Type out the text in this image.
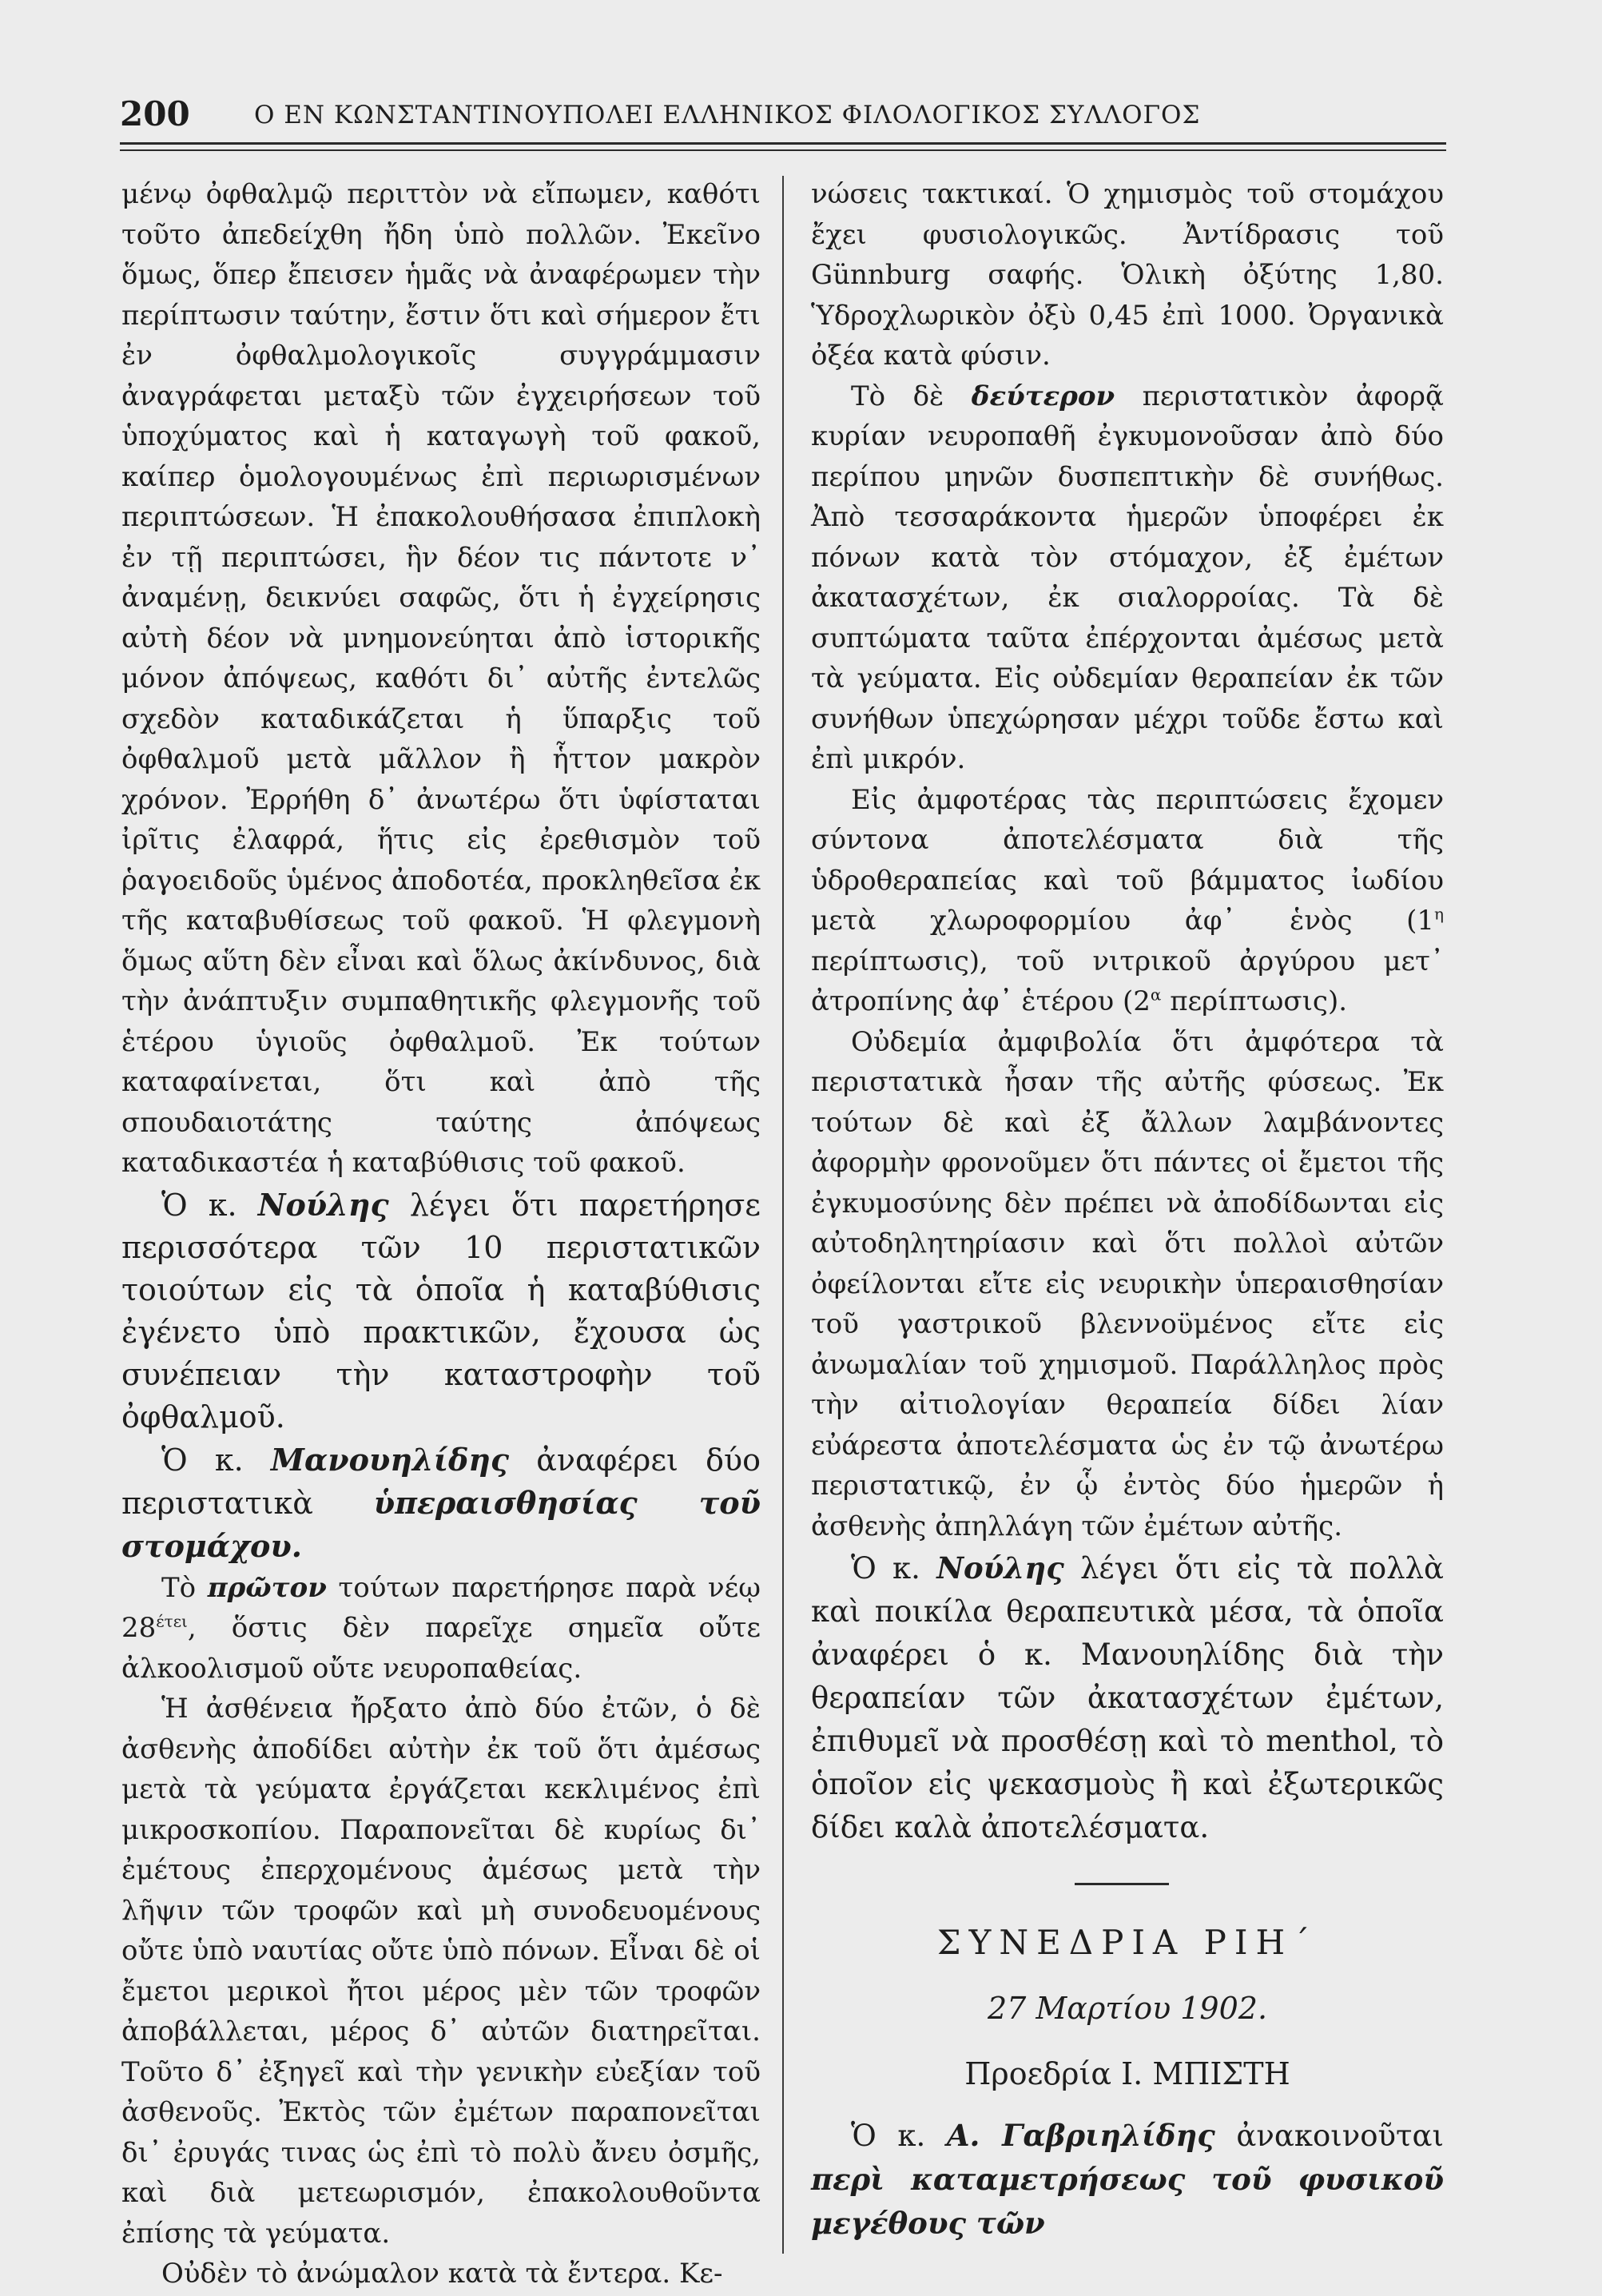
200	Ο ΕΝ ΚΩΝΣΤΑΝΤΙΝΟΥΠΟΛΕΙ ΕΛΛΗΝΙΚΟΣ ΦΙΛΟΛΟΓΙΚΟΣ ΣΥΛΛΟΓΟΣ

μένῳ ὀφθαλμῷ περιττὸν νὰ εἴπωμεν, καθότι τοῦτο ἀπεδείχθη ἤδη ὑπὸ πολλῶν. Ἐκεῖνο ὅμως, ὅπερ ἔπεισεν ἡμᾶς νὰ ἀναφέρωμεν τὴν περίπτωσιν ταύτην, ἔστιν ὅτι καὶ σήμερον ἔτι ἐν ὀφθαλμολογικοῖς συγγράμμασιν ἀναγράφεται μεταξὺ τῶν ἐγχειρήσεων τοῦ ὑποχύματος καὶ ἡ καταγωγὴ τοῦ φακοῦ, καίπερ ὁμολογουμένως ἐπὶ περιωρισμένων περιπτώσεων. Ἡ ἐπακολουθήσασα ἐπιπλοκὴ ἐν τῇ περιπτώσει, ἣν δέον τις πάντοτε ν᾽ ἀναμένῃ, δεικνύει σαφῶς, ὅτι ἡ ἐγχείρησις αὐτὴ δέον νὰ μνημονεύηται ἀπὸ ἱστορικῆς μόνον ἀπόψεως, καθότι δι᾽ αὐτῆς ἐντελῶς σχεδὸν καταδικάζεται ἡ ὕπαρξις τοῦ ὀφθαλμοῦ μετὰ μᾶλλον ἢ ἧττον μακρὸν χρόνον. Ἐρρήθη δ᾽ ἀνωτέρω ὅτι ὑφίσταται ἰρῖτις ἐλαφρά, ἥτις εἰς ἐρεθισμὸν τοῦ ῥαγοειδοῦς ὑμένος ἀποδοτέα, προκληθεῖσα ἐκ τῆς καταβυθίσεως τοῦ φακοῦ. Ἡ φλεγμονὴ ὅμως αὕτη δὲν εἶναι καὶ ὅλως ἀκίνδυνος, διὰ τὴν ἀνάπτυξιν συμπαθητικῆς φλεγμονῆς τοῦ ἑτέρου ὑγιοῦς ὀφθαλμοῦ. Ἐκ τούτων καταφαίνεται, ὅτι καὶ ἀπὸ τῆς σπουδαιοτάτης ταύτης ἀπόψεως καταδικαστέα ἡ καταβύθισις τοῦ φακοῦ.

Ὁ κ. Νούλης λέγει ὅτι παρετήρησε περισσότερα τῶν 10 περιστατικῶν τοιούτων εἰς τὰ ὁποῖα ἡ καταβύθισις ἐγένετο ὑπὸ πρακτικῶν, ἔχουσα ὡς συνέπειαν τὴν καταστροφὴν τοῦ ὀφθαλμοῦ.

Ὁ κ. Μανουηλίδης ἀναφέρει δύο περιστατικὰ ὑπεραισθησίας τοῦ στομάχου.

Τὸ πρῶτον τούτων παρετήρησε παρὰ νέῳ $28^{έ\tau\varepsilon\iota}$, ὅστις δὲν παρεῖχε σημεῖα οὔτε ἀλκοολισμοῦ οὔτε νευροπαθείας.

Ἡ ἀσθένεια ἤρξατο ἀπὸ δύο ἐτῶν, ὁ δὲ ἀσθενὴς ἀποδίδει αὐτὴν ἐκ τοῦ ὅτι ἀμέσως μετὰ τὰ γεύματα ἐργάζεται κεκλιμένος ἐπὶ μικροσκοπίου. Παραπονεῖται δὲ κυρίως δι᾽ ἐμέτους ἐπερχομένους ἀμέσως μετὰ τὴν λῆψιν τῶν τροφῶν καὶ μὴ συνοδευομένους οὔτε ὑπὸ ναυτίας οὔτε ὑπὸ πόνων. Εἶναι δὲ οἱ ἔμετοι μερικοὶ ἤτοι μέρος μὲν τῶν τροφῶν ἀποβάλλεται, μέρος δ᾽ αὐτῶν διατηρεῖται. Τοῦτο δ᾽ ἐξηγεῖ καὶ τὴν γενικὴν εὐεξίαν τοῦ ἀσθενοῦς. Ἐκτὸς τῶν ἐμέτων παραπονεῖται δι᾽ ἐρυγάς τινας ὡς ἐπὶ τὸ πολὺ ἄνευ ὀσμῆς, καὶ διὰ μετεωρισμόν, ἐπακολουθοῦντα ἐπίσης τὰ γεύματα.

Οὐδὲν τὸ ἀνώμαλον κατὰ τὰ ἔντερα. Κε-

νώσεις τακτικαί. Ὁ χημισμὸς τοῦ στομάχου ἔχει φυσιολογικῶς. Ἀντίδρασις τοῦ Günnburg σαφής. Ὁλικὴ ὀξύτης 1,80. Ὑδροχλωρικὸν ὀξὺ 0,45 ἐπὶ 1000. Ὀργανικὰ ὀξέα κατὰ φύσιν.

Τὸ δὲ δεύτερον περιστατικὸν ἀφορᾷ κυρίαν νευροπαθῆ ἐγκυμονοῦσαν ἀπὸ δύο περίπου μηνῶν δυσπεπτικὴν δὲ συνήθως. Ἀπὸ τεσσαράκοντα ἡμερῶν ὑποφέρει ἐκ πόνων κατὰ τὸν στόμαχον, ἐξ ἐμέτων ἀκατασχέτων, ἐκ σιαλορροίας. Τὰ δὲ συπτώματα ταῦτα ἐπέρχονται ἀμέσως μετὰ τὰ γεύματα. Εἰς οὐδεμίαν θεραπείαν ἐκ τῶν συνήθων ὑπεχώρησαν μέχρι τοῦδε ἔστω καὶ ἐπὶ μικρόν.

Εἰς ἀμφοτέρας τὰς περιπτώσεις ἔχομεν σύντονα ἀποτελέσματα διὰ τῆς ὑδροθεραπείας καὶ τοῦ βάμματος ἰωδίου μετὰ χλωροφορμίου ἀφ᾽ ἑνὸς ($1^\eta$ περίπτωσις), τοῦ νιτρικοῦ ἀργύρου μετ᾽ ἀτροπίνης ἀφ᾽ ἑτέρου ($2^\alpha$ περίπτωσις).

Οὐδεμία ἀμφιβολία ὅτι ἀμφότερα τὰ περιστατικὰ ἦσαν τῆς αὐτῆς φύσεως. Ἐκ τούτων δὲ καὶ ἐξ ἄλλων λαμβάνοντες ἀφορμὴν φρονοῦμεν ὅτι πάντες οἱ ἔμετοι τῆς ἐγκυμοσύνης δὲν πρέπει νὰ ἀποδίδωνται εἰς αὐτοδηλητηρίασιν καὶ ὅτι πολλοὶ αὐτῶν ὀφείλονται εἴτε εἰς νευρικὴν ὑπεραισθησίαν τοῦ γαστρικοῦ βλεννοϋμένος εἴτε εἰς ἀνωμαλίαν τοῦ χημισμοῦ. Παράλληλος πρὸς τὴν αἰτιολογίαν θεραπεία δίδει λίαν εὐάρεστα ἀποτελέσματα ὡς ἐν τῷ ἀνωτέρω περιστατικῷ, ἐν ᾧ ἐντὸς δύο ἡμερῶν ἡ ἀσθενὴς ἀπηλλάγη τῶν ἐμέτων αὐτῆς.

Ὁ κ. Νούλης λέγει ὅτι εἰς τὰ πολλὰ καὶ ποικίλα θεραπευτικὰ μέσα, τὰ ὁποῖα ἀναφέρει ὁ κ. Μανουηλίδης διὰ τὴν θεραπείαν τῶν ἀκατασχέτων ἐμέτων, ἐπιθυμεῖ νὰ προσθέσῃ καὶ τὸ menthol, τὸ ὁποῖον εἰς ψεκασμοὺς ἢ καὶ ἐξωτερικῶς δίδει καλὰ ἀποτελέσματα.

ΣΥΝΕΔΡΙΑ ΡΙΗ΄
27 Μαρτίου 1902.
Προεδρία Ι. ΜΠΙΣΤΗ

Ὁ κ. Α. Γαβριηλίδης ἀνακοινοῦται περὶ καταμετρήσεως τοῦ φυσικοῦ μεγέθους τῶν
